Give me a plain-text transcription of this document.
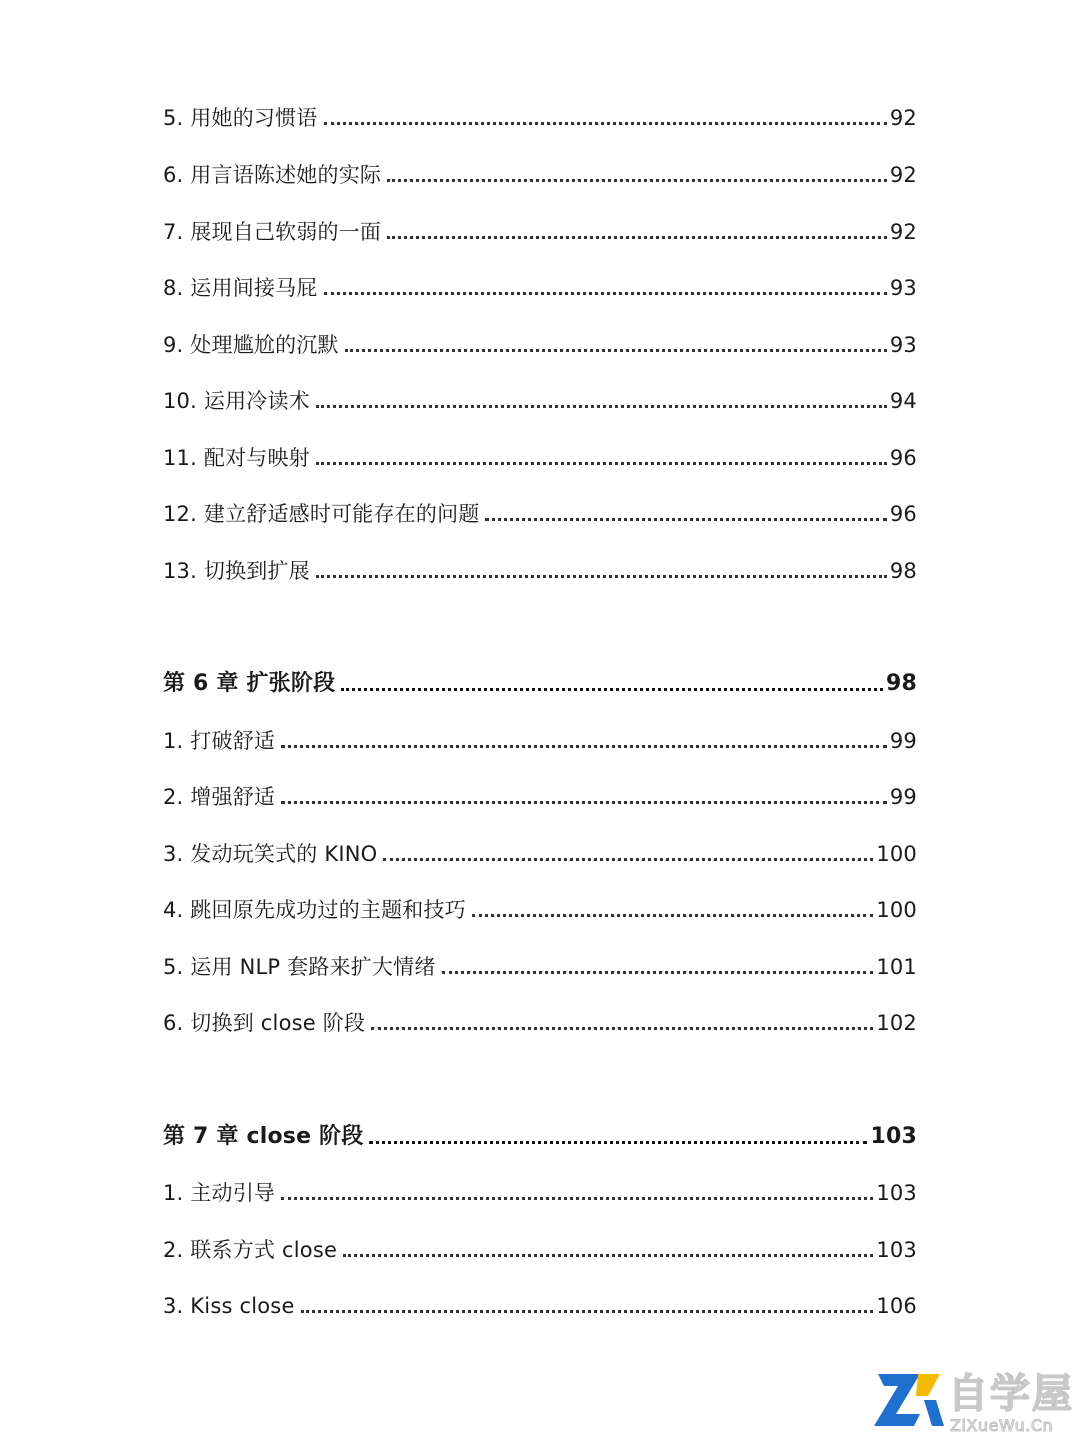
5. 用她的习惯语	92
6. 用言语陈述她的实际	92
7. 展现自己软弱的一面	92
8. 运用间接马屁	93
9. 处理尴尬的沉默	93
10. 运用冷读术	94
11. 配对与映射	96
12. 建立舒适感时可能存在的问题	96
13. 切换到扩展	98
第 6 章 扩张阶段	98
1. 打破舒适	99
2. 增强舒适	99
3. 发动玩笑式的 KINO	100
4. 跳回原先成功过的主题和技巧	100
5. 运用 NLP 套路来扩大情绪	101
6. 切换到 close 阶段	102
第 7 章 close 阶段	103
1. 主动引导	103
2. 联系方式 close	103
3. Kiss close	106
自学屋
ZiXueWu.Cn
